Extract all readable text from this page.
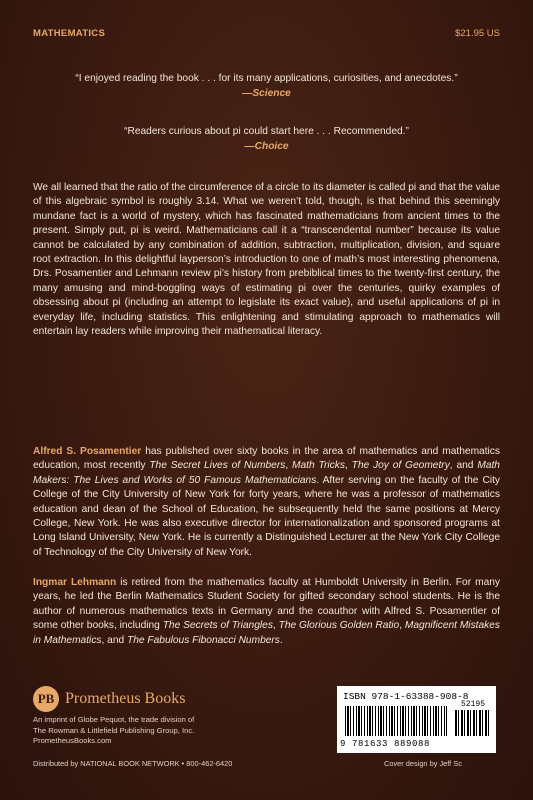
MATHEMATICS	$21.95 US
“I enjoyed reading the book . . . for its many applications, curiosities, and anecdotes.”
—Science
“Readers curious about pi could start here . . . Recommended.”
—Choice

We all learned that the ratio of the circumference of a circle to its diameter is called pi and that the value of this algebraic symbol is roughly 3.14. What we weren’t told, though, is that behind this seemingly mundane fact is a world of mystery, which has fascinated mathematicians from ancient times to the present. Simply put, pi is weird. Mathematicians call it a “transcendental number” because its value cannot be calculated by any combination of addition, subtraction, multiplication, division, and square root extraction. In this delightful layperson’s introduction to one of math’s most interesting phenomena, Drs. Posamentier and Lehmann review pi’s history from prebiblical times to the twenty-first century, the many amusing and mind-boggling ways of estimating pi over the centuries, quirky examples of obsessing about pi (including an attempt to legislate its exact value), and useful applications of pi in everyday life, including statistics. This enlightening and stimulating approach to mathematics will entertain lay readers while improving their mathematical literacy.

Alfred S. Posamentier has published over sixty books in the area of mathematics and mathematics education, most recently The Secret Lives of Numbers, Math Tricks, The Joy of Geometry, and Math Makers: The Lives and Works of 50 Famous Mathematicians. After serving on the faculty of the City College of the City University of New York for forty years, where he was a professor of mathematics education and dean of the School of Education, he subsequently held the same positions at Mercy College, New York. He was also executive director for internationalization and sponsored programs at Long Island University, New York. He is currently a Distinguished Lecturer at the New York City College of Technology of the City University of New York.

Ingmar Lehmann is retired from the mathematics faculty at Humboldt University in Berlin. For many years, he led the Berlin Mathematics Student Society for gifted secondary school students. He is the author of numerous mathematics texts in Germany and the coauthor with Alfred S. Posamentier of some other books, including The Secrets of Triangles, The Glorious Golden Ratio, Magnificent Mistakes in Mathematics, and The Fabulous Fibonacci Numbers.

PB Prometheus Books
An imprint of Globe Pequot, the trade division of
The Rowman & Littlefield Publishing Group, Inc.
PrometheusBooks.com
Distributed by NATIONAL BOOK NETWORK • 800-462-6420
ISBN 978-1-63388-908-8
52195
9 781633 889088
Cover design by Jeff Sc
